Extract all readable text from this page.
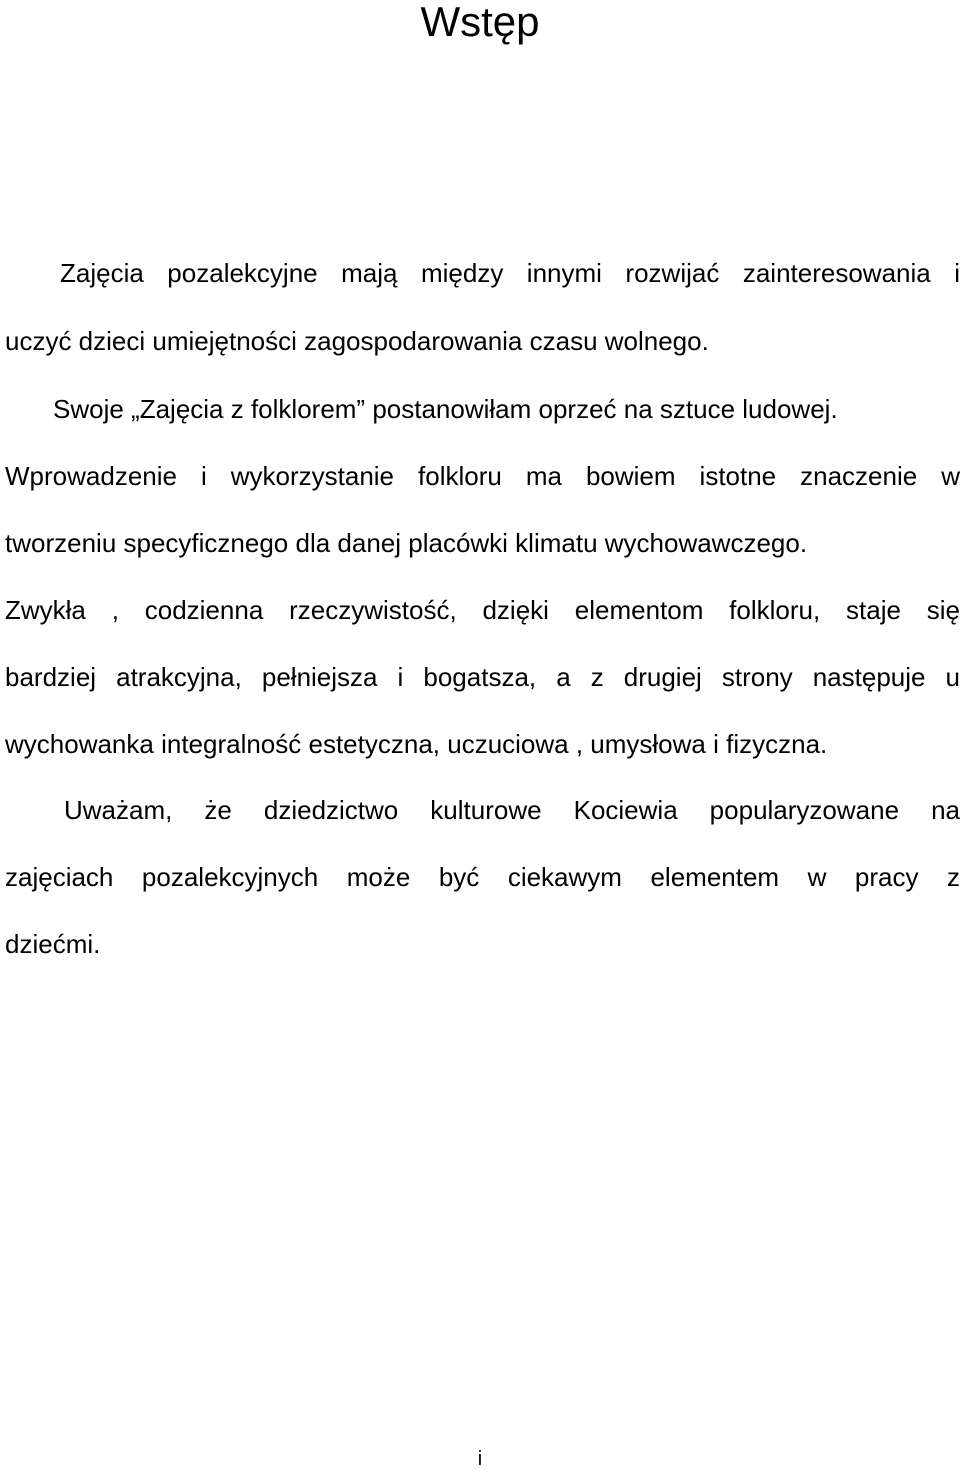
Wstęp

Zajęcia pozalekcyjne mają między innymi rozwijać zainteresowania i

uczyć dzieci umiejętności zagospodarowania czasu wolnego.

Swoje „Zajęcia z folklorem” postanowiłam oprzeć na sztuce ludowej.

Wprowadzenie i wykorzystanie folkloru ma bowiem istotne znaczenie w

tworzeniu specyficznego dla danej placówki klimatu wychowawczego.

Zwykła , codzienna rzeczywistość, dzięki elementom folkloru, staje się

bardziej atrakcyjna, pełniejsza i bogatsza, a z drugiej strony następuje u

wychowanka integralność estetyczna, uczuciowa , umysłowa i fizyczna.

Uważam, że dziedzictwo kulturowe Kociewia popularyzowane na

zajęciach pozalekcyjnych może być ciekawym elementem w pracy z

dziećmi.

i
